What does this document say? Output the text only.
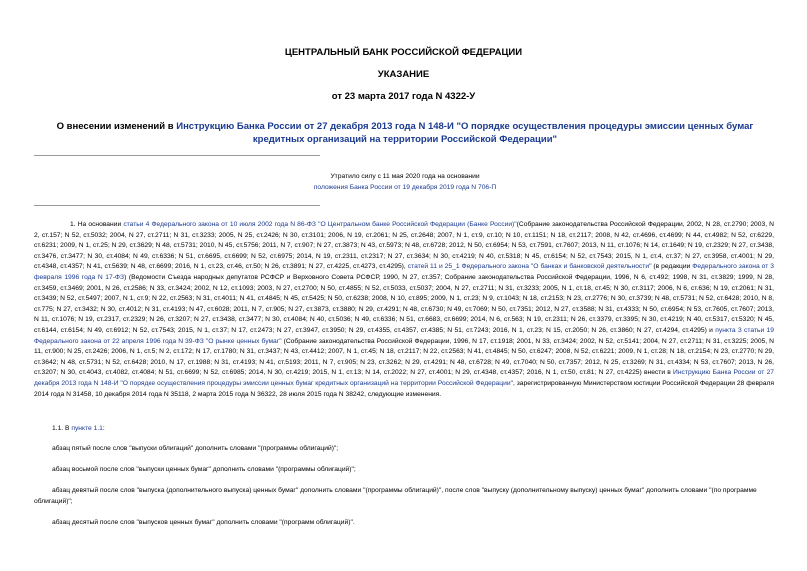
ЦЕНТРАЛЬНЫЙ БАНК РОССИЙСКОЙ ФЕДЕРАЦИИ

УКАЗАНИЕ

от 23 марта 2017 года N 4322-У

О внесении изменений в Инструкцию Банка России от 27 декабря 2013 года N 148-И "О порядке осуществления процедуры эмиссии ценных бумаг кредитных организаций на территории Российской Федерации"
Утратило силу с 11 мая 2020 года на основании
положения Банка России от 19 декабря 2019 года N 706-П

1. На основании статьи 4 Федерального закона от 10 июля 2002 года N 86-ФЗ "О Центральном банке Российской Федерации (Банке России)"(Собрание законодательства Российской Федерации, 2002, N 28, ст.2790; 2003, N 2, ст.157; N 52, ст.5032; 2004, N 27, ст.2711; N 31, ст.3233; 2005, N 25, ст.2426; N 30, ст.3101; 2006, N 19, ст.2061; N 25, ст.2648; 2007, N 1, ст.9, ст.10; N 10, ст.1151; N 18, ст.2117; 2008, N 42, ст.4696, ст.4699; N 44, ст.4982; N 52, ст.6229, ст.6231; 2009, N 1, ст.25; N 29, ст.3629; N 48, ст.5731; 2010, N 45, ст.5756; 2011, N 7, ст.907; N 27, ст.3873; N 43, ст.5973; N 48, ст.6728; 2012, N 50, ст.6954; N 53, ст.7591, ст.7607; 2013, N 11, ст.1076; N 14, ст.1649; N 19, ст.2329; N 27, ст.3438, ст.3476, ст.3477; N 30, ст.4084; N 49, ст.6336; N 51, ст.6695, ст.6699; N 52, ст.6975; 2014, N 19, ст.2311, ст.2317; N 27, ст.3634; N 30, ст.4219; N 40, ст.5318; N 45, ст.6154; N 52, ст.7543; 2015, N 1, ст.4, ст.37; N 27, ст.3958, ст.4001; N 29, ст.4348, ст.4357; N 41, ст.5639; N 48, ст.6699; 2016, N 1, ст.23, ст.46, ст.50; N 26, ст.3891; N 27, ст.4225, ст.4273, ст.4295), статей 11 и 25_1 Федерального закона "О банках и банковской деятельности" (в редакции Федерального закона от 3 февраля 1996 года N 17-ФЗ) (Ведомости Съезда народных депутатов РСФСР и Верховного Совета РСФСР, 1990, N 27, ст.357; Собрание законодательства Российской Федерации, 1996, N 6, ст.492; 1998, N 31, ст.3829; 1999, N 28, ст.3459, ст.3469; 2001, N 26, ст.2586; N 33, ст.3424; 2002, N 12, ст.1093; 2003, N 27, ст.2700; N 50, ст.4855; N 52, ст.5033, ст.5037; 2004, N 27, ст.2711; N 31, ст.3233; 2005, N 1, ст.18, ст.45; N 30, ст.3117; 2006, N 6, ст.636; N 19, ст.2061; N 31, ст.3439; N 52, ст.5497; 2007, N 1, ст.9; N 22, ст.2563; N 31, ст.4011; N 41, ст.4845; N 45, ст.5425; N 50, ст.6238; 2008, N 10, ст.895; 2009, N 1, ст.23; N 9, ст.1043; N 18, ст.2153; N 23, ст.2776; N 30, ст.3739; N 48, ст.5731; N 52, ст.6428; 2010, N 8, ст.775; N 27, ст.3432; N 30, ст.4012; N 31, ст.4193; N 47, ст.6028; 2011, N 7, ст.905; N 27, ст.3873, ст.3880; N 29, ст.4291; N 48, ст.6730; N 49, ст.7069; N 50, ст.7351; 2012, N 27, ст.3588; N 31, ст.4333; N 50, ст.6954; N 53, ст.7605, ст.7607; 2013, N 11, ст.1076; N 19, ст.2317, ст.2329; N 26, ст.3207; N 27, ст.3438, ст.3477; N 30, ст.4084; N 40, ст.5036; N 49, ст.6336; N 51, ст.6683, ст.6699; 2014, N 6, ст.563; N 19, ст.2311; N 26, ст.3379, ст.3395; N 30, ст.4219; N 40, ст.5317, ст.5320; N 45, ст.6144, ст.6154; N 49, ст.6912; N 52, ст.7543; 2015, N 1, ст.37; N 17, ст.2473; N 27, ст.3947, ст.3950; N 29, ст.4355, ст.4357, ст.4385; N 51, ст.7243; 2016, N 1, ст.23; N 15, ст.2050; N 26, ст.3860; N 27, ст.4294, ст.4295) и пункта 3 статьи 19 Федерального закона от 22 апреля 1996 года N 39-ФЗ "О рынке ценных бумаг" (Собрание законодательства Российской Федерации, 1996, N 17, ст.1918; 2001, N 33, ст.3424; 2002, N 52, ст.5141; 2004, N 27, ст.2711; N 31, ст.3225; 2005, N 11, ст.900; N 25, ст.2426; 2006, N 1, ст.5; N 2, ст.172; N 17, ст.1780; N 31, ст.3437; N 43, ст.4412; 2007, N 1, ст.45; N 18, ст.2117; N 22, ст.2563; N 41, ст.4845; N 50, ст.6247; 2008, N 52, ст.6221; 2009, N 1, ст.28; N 18, ст.2154; N 23, ст.2770; N 29, ст.3642; N 48, ст.5731; N 52, ст.6428; 2010, N 17, ст.1988; N 31, ст.4193; N 41, ст.5193; 2011, N 7, ст.905; N 23, ст.3262; N 29, ст.4291; N 48, ст.6728; N 49, ст.7040; N 50, ст.7357; 2012, N 25, ст.3269; N 31, ст.4334; N 53, ст.7607; 2013, N 26, ст.3207; N 30, ст.4043, ст.4082, ст.4084; N 51, ст.6699; N 52, ст.6985; 2014, N 30, ст.4219; 2015, N 1, ст.13; N 14, ст.2022; N 27, ст.4001; N 29, ст.4348, ст.4357; 2016, N 1, ст.50, ст.81; N 27, ст.4225) внести в Инструкцию Банка России от 27 декабря 2013 года N 148-И "О порядке осуществления процедуры эмиссии ценных бумаг кредитных организаций на территории Российской Федерации", зарегистрированную Министерством юстиции Российской Федерации 28 февраля 2014 года N 31458, 10 декабря 2014 года N 35118, 2 марта 2015 года N 36322, 28 июля 2015 года N 38242, следующие изменения.

1.1. В пункте 1.1:
абзац пятый после слов "выпуски облигаций" дополнить словами "(программы облигаций)";
абзац восьмой после слов "выпуски ценных бумаг" дополнить словами "(программы облигаций)";
абзац девятый после слов "выпуска (дополнительного выпуска) ценных бумаг" дополнить словами "(программы облигаций)", после слов "выпуску (дополнительному выпуску) ценных бумаг" дополнить словами "(по программе облигаций)";
абзац десятый после слов "выпусков ценных бумаг" дополнить словами "(программ облигаций)".
